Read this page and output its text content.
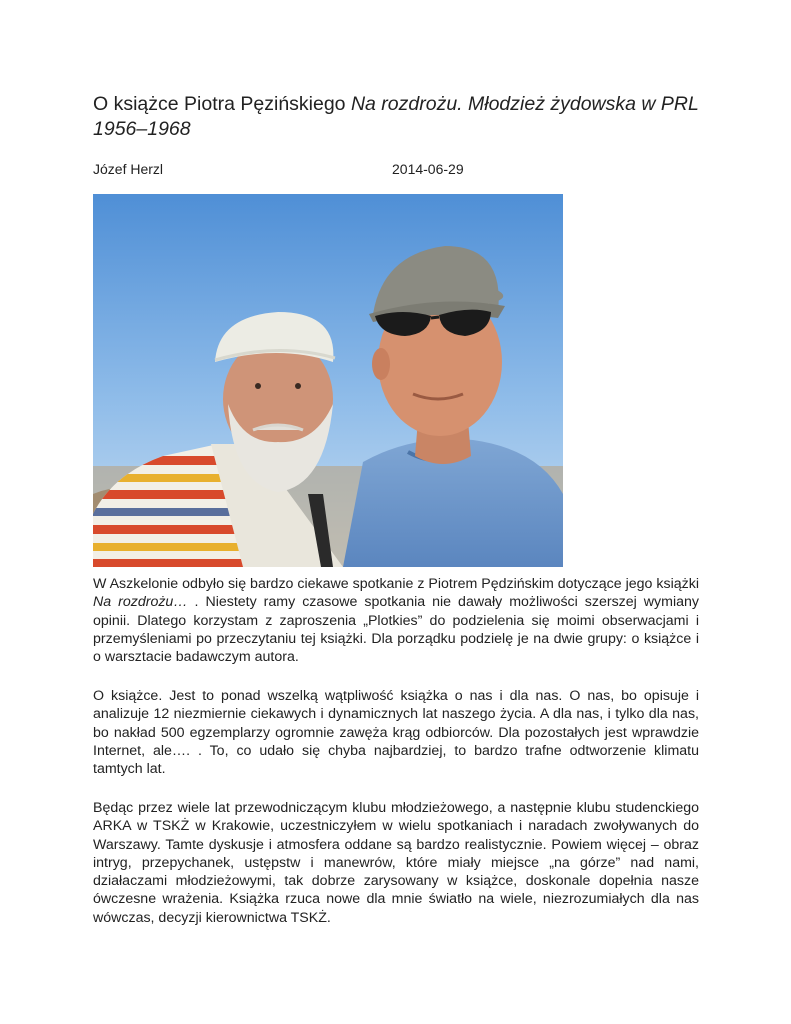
O książce Piotra Pęzińskiego Na rozdrożu. Młodzież żydowska w PRL 1956–1968
Józef Herzl	2014-06-29

W Aszkelonie odbyło się bardzo ciekawe spotkanie z Piotrem Pędzińskim dotyczące jego książki Na rozdrożu… . Niestety ramy czasowe spotkania nie dawały możliwości szerszej wymiany opinii. Dlatego korzystam z zaproszenia „Plotkies” do podzielenia się moimi obserwacjami i przemyśleniami po przeczytaniu tej książki. Dla porządku podzielę je na dwie grupy: o książce i o warsztacie badawczym autora.

O książce. Jest to ponad wszelką wątpliwość książka o nas i dla nas. O nas, bo opisuje i analizuje 12 niezmiernie ciekawych i dynamicznych lat naszego życia. A dla nas, i tylko dla nas, bo nakład 500 egzemplarzy ogromnie zawęża krąg odbiorców. Dla pozostałych jest wprawdzie Internet, ale…. . To, co udało się chyba najbardziej, to bardzo trafne odtworzenie klimatu tamtych lat.

Będąc przez wiele lat przewodniczącym klubu młodzieżowego, a następnie klubu studenckiego ARKA w TSKŻ w Krakowie, uczestniczyłem w wielu spotkaniach i naradach zwoływanych do Warszawy. Tamte dyskusje i atmosfera oddane są bardzo realistycznie. Powiem więcej – obraz intryg, przepychanek, ustępstw i manewrów, które miały miejsce „na górze” nad nami, działaczami młodzieżowymi, tak dobrze zarysowany w książce, doskonale dopełnia nasze ówczesne wrażenia. Książka rzuca nowe dla mnie światło na wiele, niezrozumiałych dla nas wówczas, decyzji kierownictwa TSKŻ.
